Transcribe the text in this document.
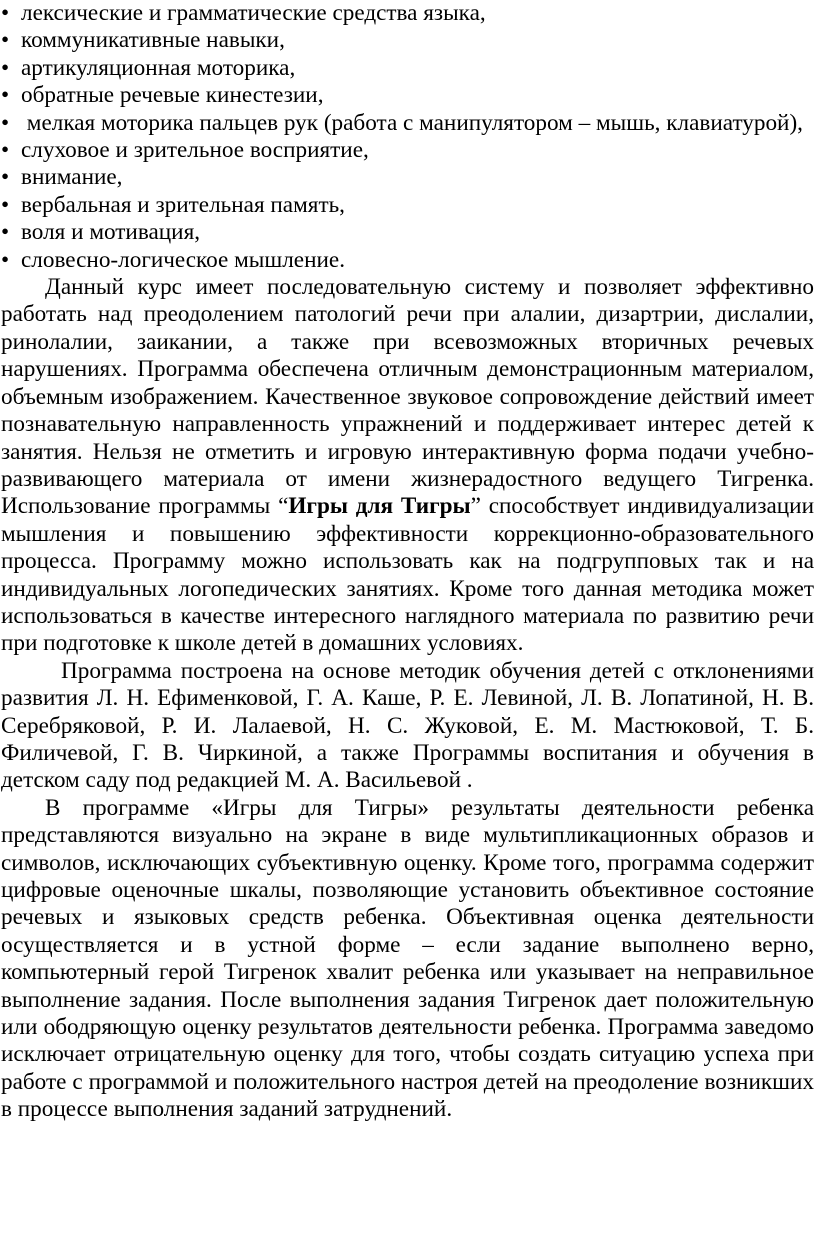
• лексические и грамматические средства языка,
• коммуникативные навыки,
• артикуляционная моторика,
• обратные речевые кинестезии,
• мелкая моторика пальцев рук (работа с манипулятором – мышь, клавиатурой),
• слуховое и зрительное восприятие,
• внимание,
• вербальная и зрительная память,
• воля и мотивация,
• словесно-логическое мышление.

Данный курс имеет последовательную систему и позволяет эффективно работать над преодолением патологий речи при алалии, дизартрии, дислалии, ринолалии, заикании, а также при всевозможных вторичных речевых нарушениях. Программа обеспечена отличным демонстрационным материалом, объемным изображением. Качественное звуковое сопровождение действий имеет познавательную направленность упражнений и поддерживает интерес детей к занятия. Нельзя не отметить и игровую интерактивную форма подачи учебно-развивающего материала от имени жизнерадостного ведущего Тигренка. Использование программы “Игры для Тигры” способствует индивидуализации мышления и повышению эффективности коррекционно-образовательного процесса. Программу можно использовать как на подгрупповых так и на индивидуальных логопедических занятиях. Кроме того данная методика может использоваться в качестве интересного наглядного материала по развитию речи при подготовке к школе детей в домашних условиях.

Программа построена на основе методик обучения детей с отклонениями развития Л. Н. Ефименковой, Г. А. Каше, Р. Е. Левиной, Л. В. Лопатиной, Н. В. Серебряковой, Р. И. Лалаевой, Н. С. Жуковой, Е. М. Мастюковой, Т. Б. Филичевой, Г. В. Чиркиной, а также Программы воспитания и обучения в детском саду под редакцией М. А. Васильевой .

В программе «Игры для Тигры» результаты деятельности ребенка представляются визуально на экране в виде мультипликационных образов и символов, исключающих субъективную оценку. Кроме того, программа содержит цифровые оценочные шкалы, позволяющие установить объективное состояние речевых и языковых средств ребенка. Объективная оценка деятельности осуществляется и в устной форме – если задание выполнено верно, компьютерный герой Тигренок хвалит ребенка или указывает на неправильное выполнение задания. После выполнения задания Тигренок дает положительную или ободряющую оценку результатов деятельности ребенка. Программа заведомо исключает отрицательную оценку для того, чтобы создать ситуацию успеха при работе с программой и положительного настроя детей на преодоление возникших в процессе выполнения заданий затруднений.
